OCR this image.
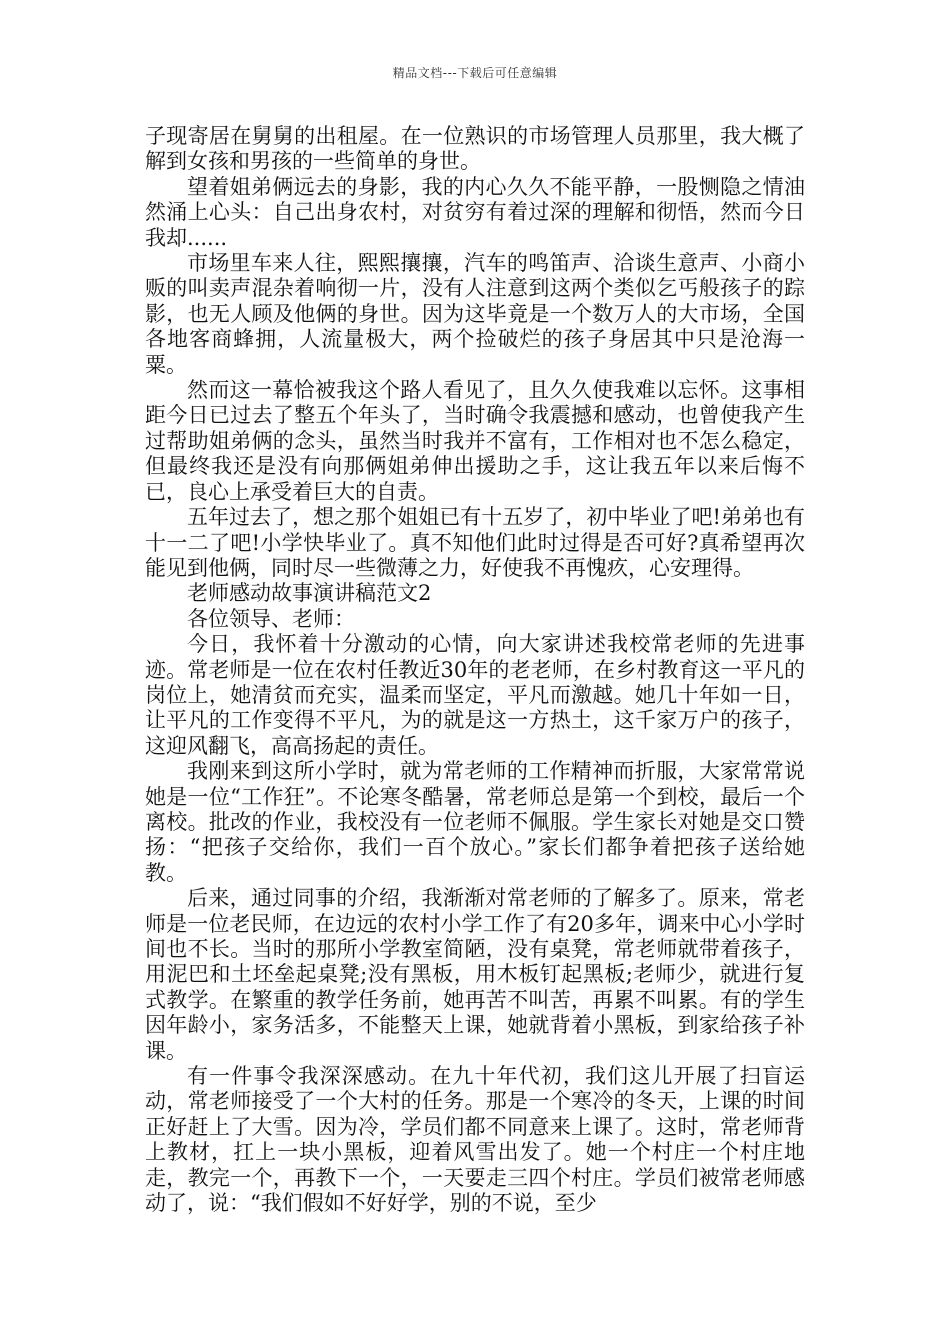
精品文档---下载后可任意编辑

子现寄居在舅舅的出租屋。在一位熟识的市场管理人员那里，我大概了解到女孩和男孩的一些简单的身世。

望着姐弟俩远去的身影，我的内心久久不能平静，一股恻隐之情油然涌上心头：自己出身农村，对贫穷有着过深的理解和彻悟，然而今日我却......

市场里车来人往，熙熙攘攘，汽车的鸣笛声、洽谈生意声、小商小贩的叫卖声混杂着响彻一片，没有人注意到这两个类似乞丐般孩子的踪影，也无人顾及他俩的身世。因为这毕竟是一个数万人的大市场，全国各地客商蜂拥，人流量极大，两个捡破烂的孩子身居其中只是沧海一粟。

然而这一幕恰被我这个路人看见了，且久久使我难以忘怀。这事相距今日已过去了整五个年头了，当时确令我震撼和感动，也曾使我产生过帮助姐弟俩的念头，虽然当时我并不富有，工作相对也不怎么稳定，但最终我还是没有向那俩姐弟伸出援助之手，这让我五年以来后悔不已，良心上承受着巨大的自责。

五年过去了，想之那个姐姐已有十五岁了，初中毕业了吧!弟弟也有十一二了吧!小学快毕业了。真不知他们此时过得是否可好?真希望再次能见到他俩，同时尽一些微薄之力，好使我不再愧疚，心安理得。

老师感动故事演讲稿范文2

各位领导、老师：

今日，我怀着十分激动的心情，向大家讲述我校常老师的先进事迹。常老师是一位在农村任教近30年的老老师，在乡村教育这一平凡的岗位上，她清贫而充实，温柔而坚定，平凡而激越。她几十年如一日，让平凡的工作变得不平凡，为的就是这一方热土，这千家万户的孩子，这迎风翻飞，高高扬起的责任。

我刚来到这所小学时，就为常老师的工作精神而折服，大家常常说她是一位“工作狂”。不论寒冬酷暑，常老师总是第一个到校，最后一个离校。批改的作业，我校没有一位老师不佩服。学生家长对她是交口赞扬：“把孩子交给你，我们一百个放心。”家长们都争着把孩子送给她教。

后来，通过同事的介绍，我渐渐对常老师的了解多了。原来，常老师是一位老民师，在边远的农村小学工作了有20多年，调来中心小学时间也不长。当时的那所小学教室简陋，没有桌凳，常老师就带着孩子，用泥巴和土坯垒起桌凳;没有黑板，用木板钉起黑板;老师少，就进行复式教学。在繁重的教学任务前，她再苦不叫苦，再累不叫累。有的学生因年龄小，家务活多，不能整天上课，她就背着小黑板，到家给孩子补课。

有一件事令我深深感动。在九十年代初，我们这儿开展了扫盲运动，常老师接受了一个大村的任务。那是一个寒冷的冬天，上课的时间正好赶上了大雪。因为冷，学员们都不同意来上课了。这时，常老师背上教材，扛上一块小黑板，迎着风雪出发了。她一个村庄一个村庄地走，教完一个，再教下一个，一天要走三四个村庄。学员们被常老师感动了，说：“我们假如不好好学，别的不说，至少
